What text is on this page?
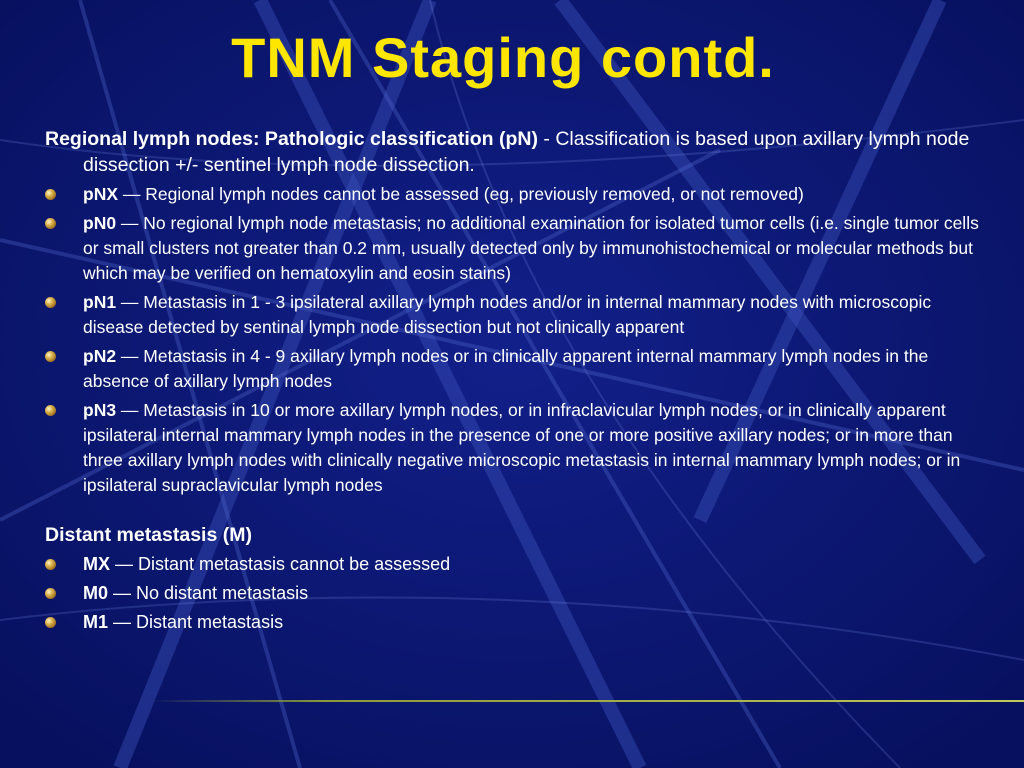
TNM Staging contd.

Regional lymph nodes: Pathologic classification (pN) - Classification is based upon axillary lymph node dissection +/- sentinel lymph node dissection.

pNX — Regional lymph nodes cannot be assessed (eg, previously removed, or not removed)
pN0 — No regional lymph node metastasis; no additional examination for isolated tumor cells (i.e. single tumor cells or small clusters not greater than 0.2 mm, usually detected only by immunohistochemical or molecular methods but which may be verified on hematoxylin and eosin stains)
pN1 — Metastasis in 1 - 3 ipsilateral axillary lymph nodes and/or in internal mammary nodes with microscopic disease detected by sentinal lymph node dissection but not clinically apparent
pN2 — Metastasis in 4 - 9 axillary lymph nodes or in clinically apparent internal mammary lymph nodes in the absence of axillary lymph nodes
pN3 — Metastasis in 10 or more axillary lymph nodes, or in infraclavicular lymph nodes, or in clinically apparent ipsilateral internal mammary lymph nodes in the presence of one or more positive axillary nodes; or in more than three axillary lymph nodes with clinically negative microscopic metastasis in internal mammary lymph nodes; or in ipsilateral supraclavicular lymph nodes
Distant metastasis (M)
MX — Distant metastasis cannot be assessed
M0 — No distant metastasis
M1 — Distant metastasis
